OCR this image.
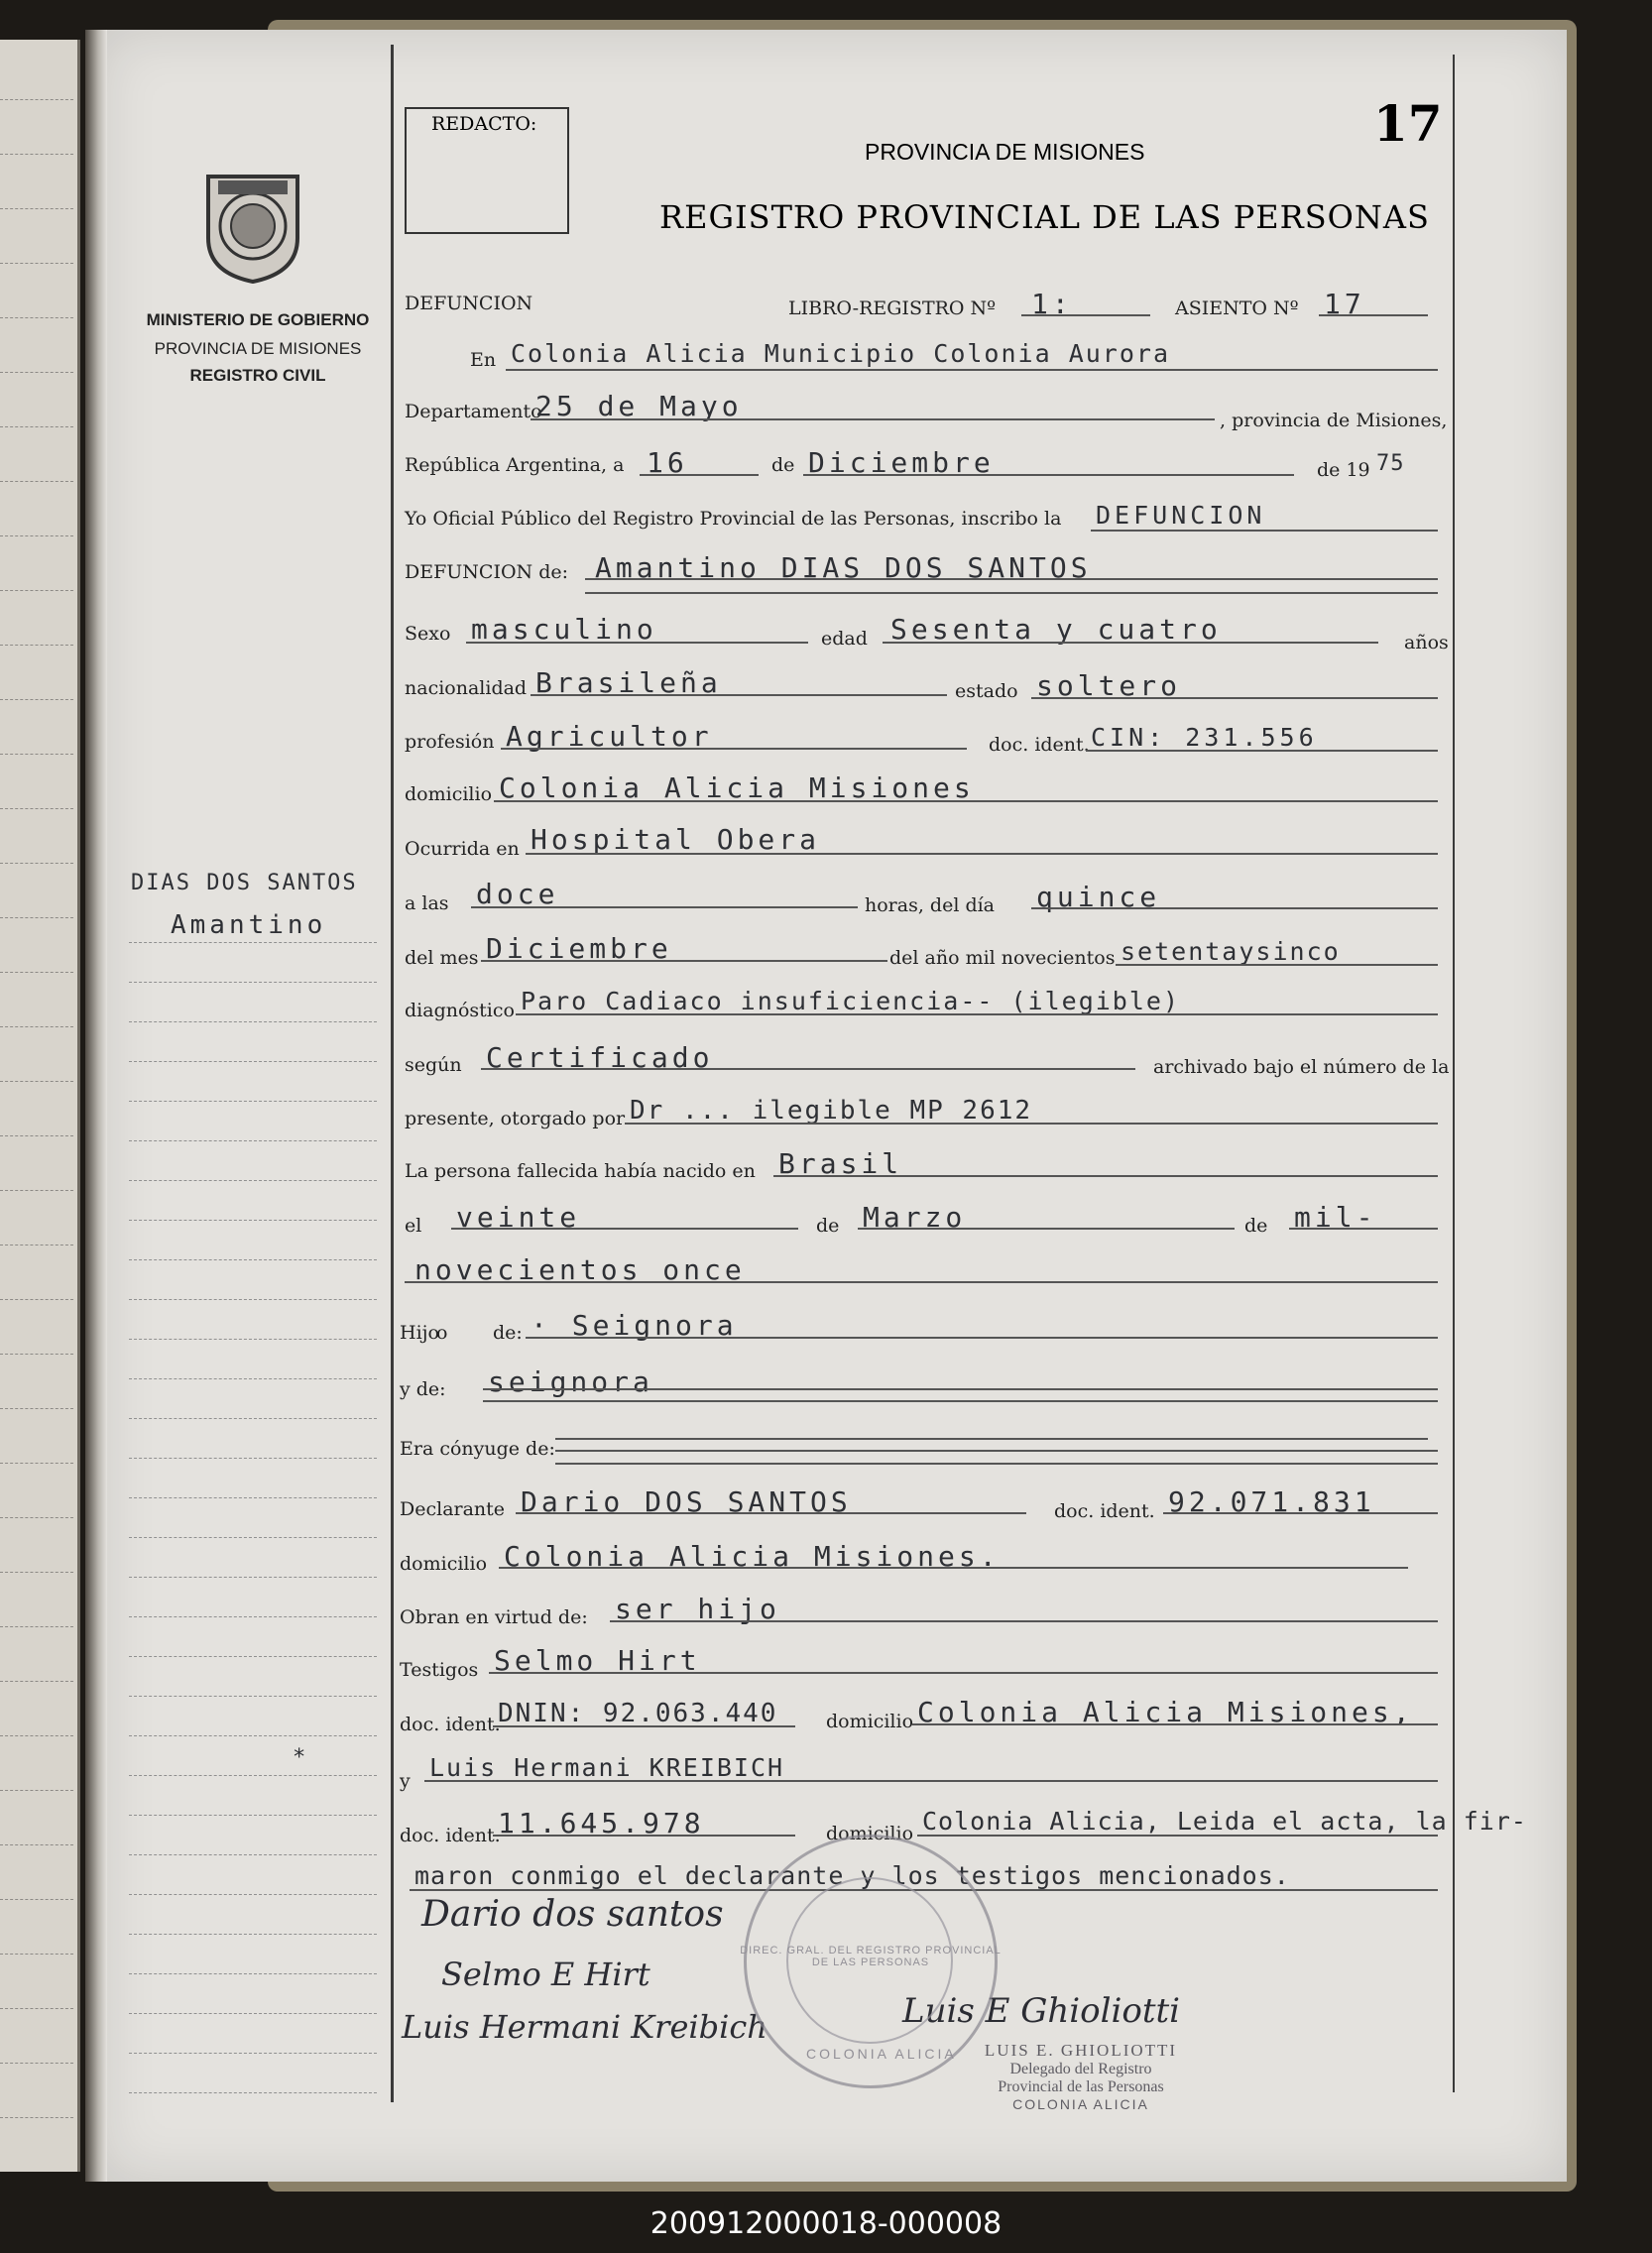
REDACTO:	17
PROVINCIA DE MISIONES
REGISTRO PROVINCIAL DE LAS PERSONAS
MINISTERIO DE GOBIERNO
PROVINCIA DE MISIONES
REGISTRO CIVIL
DIAS DOS SANTOS
Amantino
*
DEFUNCION	LIBRO-REGISTRO Nº 1:	ASIENTO Nº 17
En Colonia Alicia Municipio Colonia Aurora
Departamento
25 de Mayo	, provincia de Misiones,
República Argentina, a 16	de Diciembre	de 19 75
Yo Oficial Público del Registro Provincial de las Personas, inscribo la DEFUNCION
DEFUNCION de: Amantino DIAS DOS SANTOS
Sexo masculino	edad Sesenta y cuatro	años
nacionalidad Brasileña	estado soltero
profesión Agricultor	doc. ident. CIN: 231.556
domicilio Colonia Alicia Misiones
Ocurrida en Hospital Obera
a las doce	horas, del día quince
del mes Diciembre	del año mil novecientos setentaysinco
diagnóstico Paro Cadiaco insuficiencia-- (ilegible)
según Certificado	archivado bajo el número de la
presente, otorgado por Dr ... ilegible MP 2612
La persona fallecida había nacido en Brasil
el veinte	de Marzo	de mil-
novecientos once
Hijo
o de: · Seignora
y de: seignora
Era cónyuge de:
Declarante Dario DOS SANTOS	doc. ident. 92.071.831
domicilio Colonia Alicia Misiones.
Obran en virtud de: ser hijo
Testigos Selmo Hirt
doc. ident.
DNIN: 92.063.440	domicilio Colonia Alicia Misiones,
y Luis Hermani KREIBICH
doc. ident.
11.645.978	domicilio Colonia Alicia, Leida el acta, la fir-
maron conmigo el declarante y los testigos mencionados.
Dario dos santos
Selmo E Hirt
Luis Hermani Kreibich	Luis E Ghioliotti
DIREC. GRAL. DEL REGISTRO PROVINCIAL DE LAS PERSONAS
COLONIA ALICIA	LUIS E. GHIOLIOTTI
Delegado del Registro
Provincial de las Personas
COLONIA ALICIA
200912000018-000008
